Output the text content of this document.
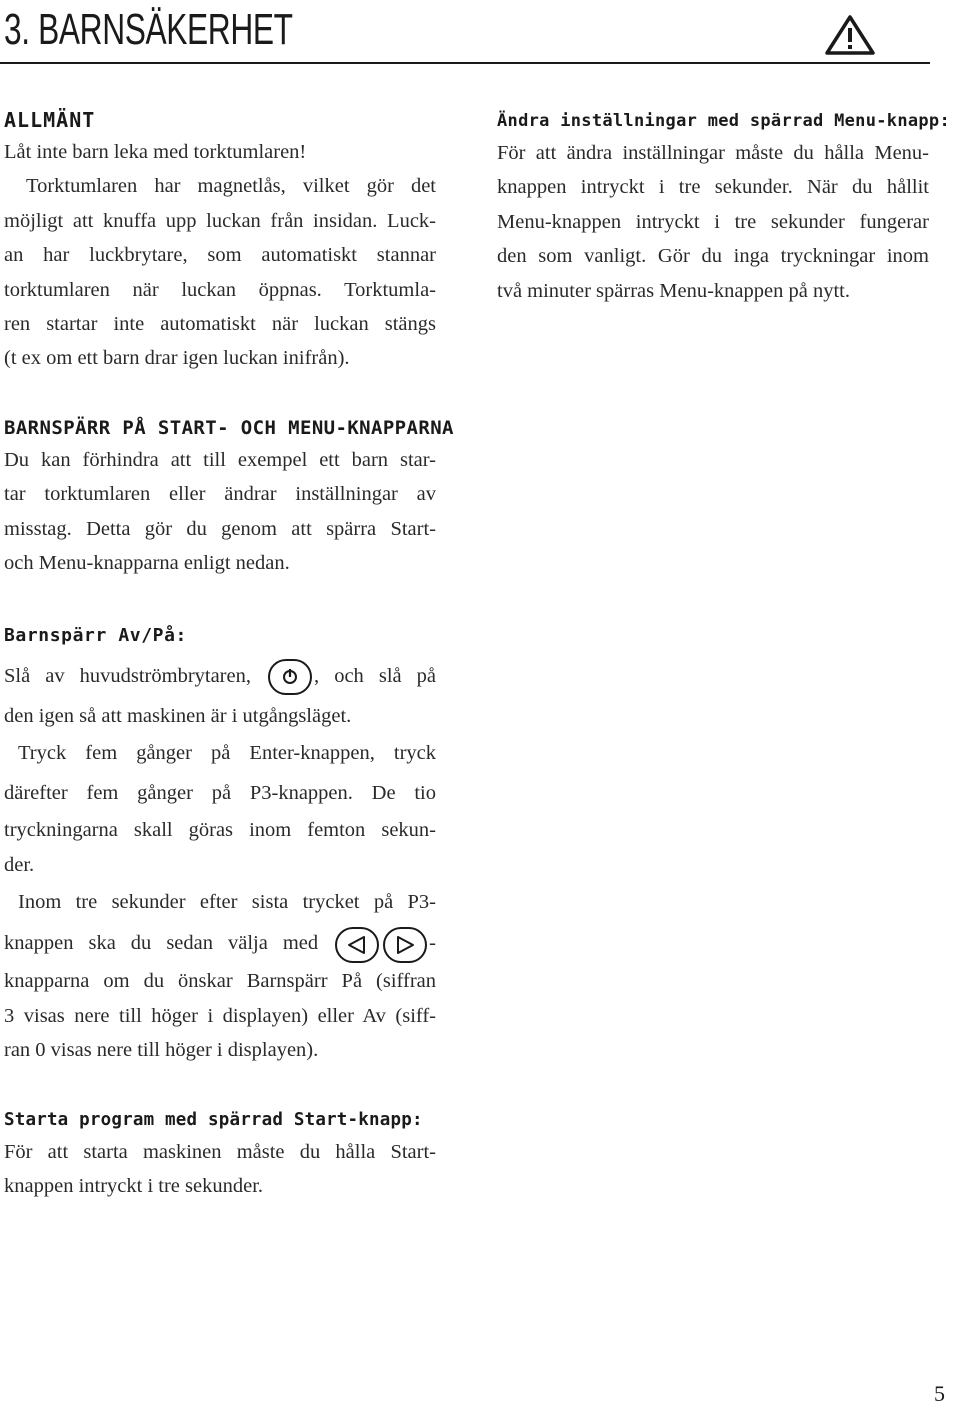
3. BARNSÄKERHET
ALLMÄNT
Låt inte barn leka med torktumlaren!
Torktumlaren har magnetlås, vilket gör det
möjligt att knuffa upp luckan från insidan. Luck-
an har luckbrytare, som automatiskt stannar
torktumlaren när luckan öppnas. Torktumla-
ren startar inte automatiskt när luckan stängs
(t ex om ett barn drar igen luckan inifrån).
Ändra inställningar med spärrad Menu-knapp:
För att ändra inställningar måste du hålla Menu-
knappen intryckt i tre sekunder. När du hållit
Menu-knappen intryckt i tre sekunder fungerar
den som vanligt. Gör du inga tryckningar inom
två minuter spärras Menu-knappen på nytt.
BARNSPÄRR PÅ START- OCH MENU-KNAPPARNA
Du kan förhindra att till exempel ett barn star-
tar torktumlaren eller ändrar inställningar av
misstag. Detta gör du genom att spärra Start-
och Menu-knapparna enligt nedan.
Barnspärr Av/På:
Slå av huvudströmbrytaren,	, och slå på
den igen så att maskinen är i utgångsläget.
Tryck fem gånger på Enter-knappen, tryck
därefter fem gånger på P3-knappen. De tio
tryckningarna skall göras inom femton sekun-
der.
Inom tre sekunder efter sista trycket på P3-
knappen ska du sedan välja med	-
knapparna om du önskar Barnspärr På (siffran
3 visas nere till höger i displayen) eller Av (siff-
ran 0 visas nere till höger i displayen).
Starta program med spärrad Start-knapp:
För att starta maskinen måste du hålla Start-
knappen intryckt i tre sekunder.
5
